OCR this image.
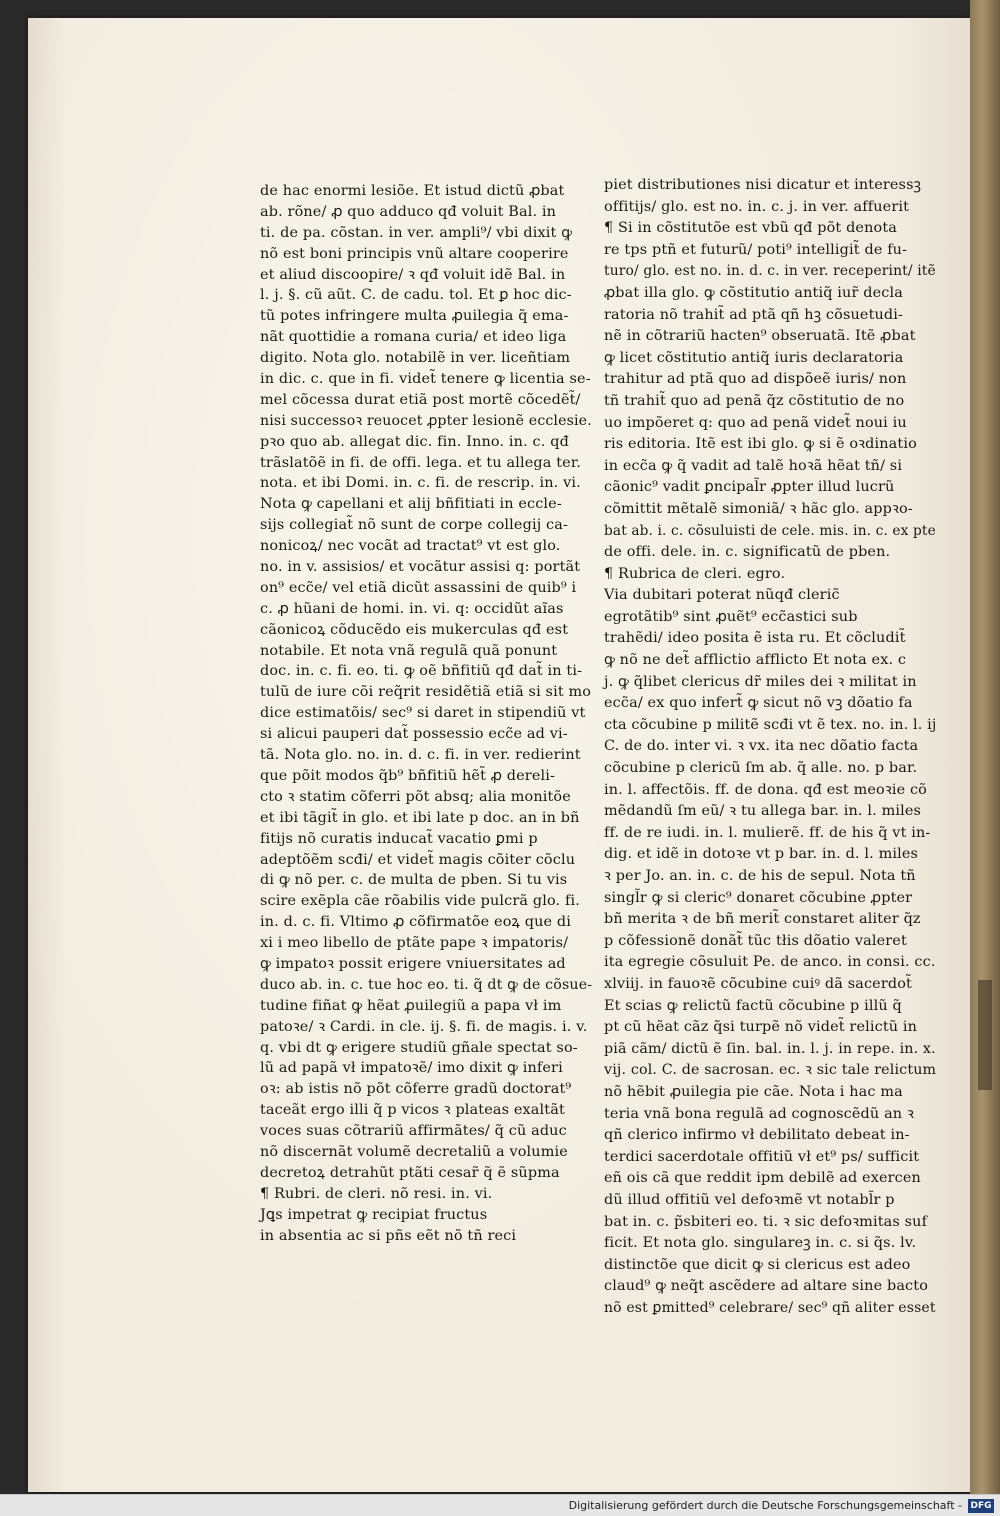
de hac enormi lesiõe. Et istud dictũ ꝓbat
ab. rõne/ ꝓ quo adduco qđ voluit Bal. in
ti. de pa. cõstan. in ver. ampli⁹/ vbi dixit ꝙ
nõ est boni principis vnũ altare cooperire
et aliud discoopire/ ꝛ qđ voluit idẽ Bal. in
l. j. §. cũ aũt. C. de cadu. tol. Et ꝑ hoc dic-
tũ potes infringere multa ꝓuilegia q̃ ema-
nãt quottidie a romana curia/ et ideo liga
digito. Nota glo. notabilẽ in ver. liceñtiam
in dic. c. que in fi. videt̃ tenere ꝙ licentia se-
mel cõcessa durat etiã post mortẽ cõcedẽt̃/
nisi successoꝛ reuocet ꝓpter lesionẽ ecclesie.
pꝛo quo ab. allegat dic. fin. Inno. in. c. qđ
trãslatõẽ in fi. de offi. lega. et tu allega ter.
nota. et ibi Domi. in. c. fi. de rescrip. in. vi.
Nota ꝙ capellani et alij bñfitiati in eccle-
sijs collegiat̃ nõ sunt de corpe collegij ca-
nonicoꝝ/ nec vocãt ad tractat⁹ vt est glo.
no. in v. assisios/ et vocãtur assisi q: portãt
on⁹ ecc̃e/ vel etiã dicũt assassini de quib⁹ i
c. ꝓ hũani de homi. in. vi. q: occidũt aĩas
cãonicoꝝ cõducẽdo eis mukerculas qđ est
notabile. Et nota vnã regulã quã ponunt
doc. in. c. fi. eo. ti. ꝙ oẽ bñfitiũ qđ dat̃ in ti-
tulũ de iure cõi req̃rit residẽtiã etiã si sit mo
dice estimatõis/ sec⁹ si daret in stipendiũ vt
si alicui pauperi dat̃ possessio ecc̃e ad vi-
tã. Nota glo. no. in. d. c. fi. in ver. redierint
que põit modos q̃b⁹ bñfitiũ hẽt̃ ꝓ dereli-
cto ꝛ statim cõferri põt absq; alia monitõe
et ibi tãgit̃ in glo. et ibi late p doc. an in bñ
fitijs nõ curatis inducat̃ vacatio ꝑmi p
adeptõẽm scđi/ et videt̃ magis cõiter cõclu
di ꝙ nõ per. c. de multa de pben. Si tu vis
scire exẽpla cãe rõabilis vide pulcrã glo. fi.
in. d. c. fi. Vltimo ꝓ cõfirmatõe eoꝝ que di
xi i meo libello de ptãte pape ꝛ impatoris/
ꝙ impatoꝛ possit erigere vniuersitates ad
duco ab. in. c. tue hoc eo. ti. q̃ dt ꝙ de cõsue-
tudine fiñat ꝙ hẽat ꝓuilegiũ a papa vł im
patoꝛe/ ꝛ Cardi. in cle. ij. §. fi. de magis. i. v.
q. vbi dt ꝙ erigere studiũ gñale spectat so-
lũ ad papã vł impatoꝛẽ/ imo dixit ꝙ inferi
oꝛ: ab istis nõ põt cõferre gradũ doctorat⁹
taceãt ergo illi q̃ p vicos ꝛ plateas exaltãt
voces suas cõtrariũ affirmãtes/ q̃ cũ aduc
nõ discernãt volumẽ decretaliũ a volumie
decretoꝝ detrahũt ptãti cesar̃ q̃ ẽ sũpma
¶ Rubri. de cleri. nõ resi. in. vi.
Jꝗs impetrat ꝙ recipiat fructus
in absentia ac si pñs eẽt nõ tñ reci
piet distributiones nisi dicatur et interessꝫ
offitijs/ glo. est no. in. c. j. in ver. affuerit
¶ Si in cõstitutõe est vbũ qđ põt denota
re tps ptñ et futurũ/ poti⁹ intelligit̃ de fu-
turo/ glo. est no. in. d. c. in ver. receperint/ itẽ
ꝓbat illa glo. ꝙ cõstitutio antiq̃ iur̃ decla
ratoria nõ trahit̃ ad ptã qñ hꝫ cõsuetudi-
nẽ in cõtrariũ hacten⁹ obseruatã. Itẽ ꝓbat
ꝙ licet cõstitutio antiq̃ iuris declaratoria
trahitur ad ptã quo ad dispõeẽ iuris/ non
tñ trahit̃ quo ad penã q̃z cõstitutio de no
uo impõeret q: quo ad penã videt̃ noui iu
ris editoria. Itẽ est ibi glo. ꝙ si ẽ oꝛdinatio
in ecc̃a ꝙ q̃ vadit ad talẽ hoꝛã hẽat tñ/ si
cãonic⁹ vadit ꝑncipal̃r ꝓpter illud lucrũ
cõmittit mẽtalẽ simoniã/ ꝛ hãc glo. appꝛo-
bat ab. i. c. cõsuluisti de cele. mis. in. c. ex pte
de offi. dele. in. c. significatũ de pben.
¶ Rubrica de cleri. egro.
Via dubitari poterat nũqđ cleric̃
egrotãtib⁹ sint ꝓuẽt⁹ ecc̃astici sub
trahẽdi/ ideo posita ẽ ista ru. Et cõcludit̃
ꝙ nõ ne det̃ afflictio afflicto Et nota ex. c
j. ꝙ q̃libet clericus dr̃ miles dei ꝛ militat in
ecc̃a/ ex quo infert̃ ꝙ sicut nõ vꝫ dõatio fa
cta cõcubine p militẽ scđi vt ẽ tex. no. in. l. ij
C. de do. inter vi. ꝛ vx. ita nec dõatio facta
cõcubine p clericũ ſm ab. q̃ alle. no. p bar.
in. l. affectõis. ff. de dona. qđ est meoꝛie cõ
mẽdandũ ſm eũ/ ꝛ tu allega bar. in. l. miles
ff. de re iudi. in. l. mulierẽ. ff. de his q̃ vt in-
dig. et idẽ in dotoꝛe vt p bar. in. d. l. miles
ꝛ per Jo. an. in. c. de his de sepul. Nota tñ
singl̃r ꝙ si cleric⁹ donaret cõcubine ꝓpter
bñ merita ꝛ de bñ merit̃ constaret aliter q̃z
p cõfessionẽ donãt̃ tũc tłis dõatio valeret
ita egregie cõsuluit Pe. de anco. in consi. cc.
xlviij. in fauoꝛẽ cõcubine cuiꝰ dã sacerdot̃
Et scias ꝙ relictũ factũ cõcubine p illũ q̃
pt cũ hẽat cãz q̃si turpẽ nõ videt̃ relictũ in
piã cãm/ dictũ ẽ ſin. bal. in. l. j. in repe. in. x.
vij. col. C. de sacrosan. ec. ꝛ sic tale relictum
nõ hẽbit ꝓuilegia pie cãe. Nota i hac ma
teria vnã bona regulã ad cognoscẽdũ an ꝛ
qñ clerico infirmo vł debilitato debeat in-
terdici sacerdotale offitiũ vł et⁹ ps/ sufficit
eñ ois cã que reddit ipm debilẽ ad exercen
dũ illud offitiũ vel defoꝛmẽ vt notabl̃r p
bat in. c. p̃sbiteri eo. ti. ꝛ sic defoꝛmitas suf
ficit. Et nota glo. singulareꝫ in. c. si q̃s. lv.
distinctõe que dicit ꝙ si clericus est adeo
claud⁹ ꝙ neq̃t ascẽdere ad altare sine bacto
nõ est ꝑmitted⁹ celebrare/ sec⁹ qñ aliter esset
Digitalisierung gefördert durch die Deutsche Forschungsgemeinschaft - DFG
